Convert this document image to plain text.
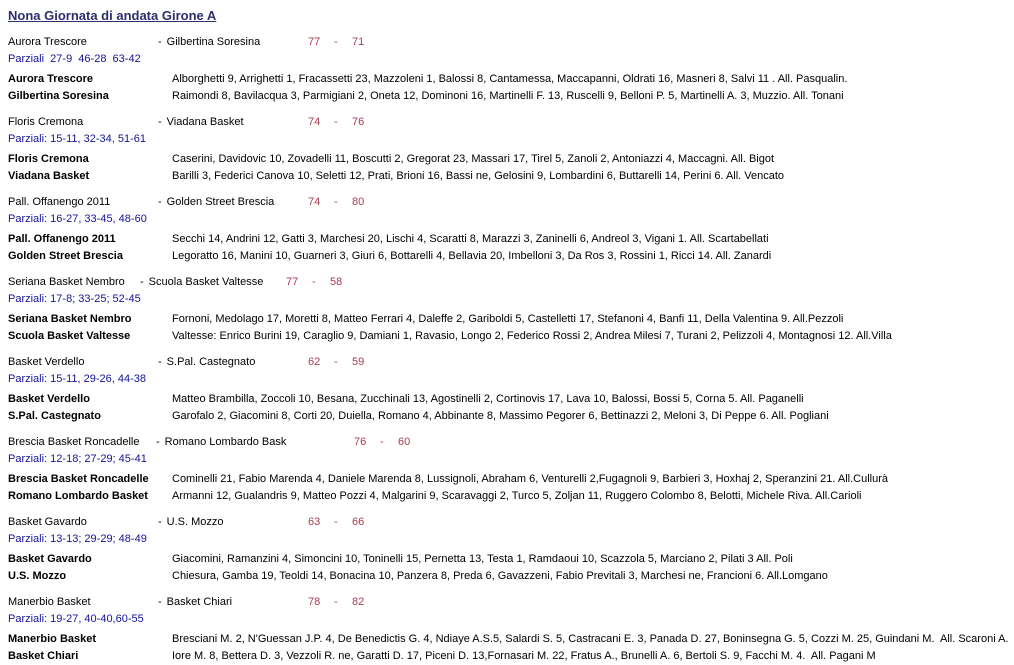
Nona Giornata di andata Girone A
Aurora Trescore	- Gilbertina Soresina	77	-	71
Parziali  27-9  46-28  63-42
Aurora Trescore	Alborghetti 9, Arrighetti 1, Fracassetti 23, Mazzoleni 1, Balossi 8, Cantamessa, Maccapanni, Oldrati 16, Masneri 8, Salvi 11 . All. Pasqualin.
Gilbertina Soresina	Raimondi 8, Bavilacqua 3, Parmigiani 2, Oneta 12, Dominoni 16, Martinelli F. 13, Ruscelli 9, Belloni P. 5, Martinelli A. 3, Muzzio. All. Tonani
Floris Cremona	- Viadana Basket	74	-	76
Parziali: 15-11, 32-34, 51-61
Floris Cremona	Caserini, Davidovic 10, Zovadelli 11, Boscutti 2, Gregorat 23, Massari 17, Tirel 5, Zanoli 2, Antoniazzi 4, Maccagni. All. Bigot
Viadana Basket	Barilli 3, Federici Canova 10, Seletti 12, Prati, Brioni 16, Bassi ne, Gelosini 9, Lombardini 6, Buttarelli 14, Perini 6. All. Vencato
Pall. Offanengo 2011	- Golden Street Brescia	74	-	80
Parziali: 16-27, 33-45, 48-60
Pall. Offanengo 2011	Secchi 14, Andrini 12, Gatti 3, Marchesi 20, Lischi 4, Scaratti 8, Marazzi 3, Zaninelli 6, Andreol 3, Vigani 1. All. Scartabellati
Golden Street Brescia	Legoratto 16, Manini 10, Guarneri 3, Giuri 6, Bottarelli 4, Bellavia 20, Imbelloni 3, Da Ros 3, Rossini 1, Ricci 14. All. Zanardi
Seriana Basket Nembro	- Scuola Basket Valtesse	77	-	58
Parziali: 17-8; 33-25; 52-45
Seriana Basket Nembro	Fornoni, Medolago 17, Moretti 8, Matteo Ferrari 4, Daleffe 2, Gariboldi 5, Castelletti 17, Stefanoni 4, Banfi 11, Della Valentina 9. All.Pezzoli
Scuola Basket Valtesse	Valtesse: Enrico Burini 19, Caraglio 9, Damiani 1, Ravasio, Longo 2, Federico Rossi 2, Andrea Milesi 7, Turani 2, Pelizzoli 4, Montagnosi 12. All.Villa
Basket Verdello	- S.Pal. Castegnato	62	-	59
Parziali: 15-11, 29-26, 44-38
Basket Verdello	Matteo Brambilla, Zoccoli 10, Besana, Zucchinali 13, Agostinelli 2, Cortinovis 17, Lava 10, Balossi, Bossi 5, Corna 5. All. Paganelli
S.Pal. Castegnato	Garofalo 2, Giacomini 8, Corti 20, Duiella, Romano 4, Abbinante 8, Massimo Pegorer 6, Bettinazzi 2, Meloni 3, Di Peppe 6. All. Pogliani
Brescia Basket Roncadelle	- Romano Lombardo Bask	76	-	60
Parziali: 12-18; 27-29; 45-41
Brescia Basket Roncadelle	Cominelli 21, Fabio Marenda 4, Daniele Marenda 8, Lussignoli, Abraham 6, Venturelli 2,Fugagnoli 9, Barbieri 3, Hoxhaj 2, Speranzini 21. All.Cullurà
Romano Lombardo Basket	Armanni 12, Gualandris 9, Matteo Pozzi 4, Malgarini 9, Scaravaggi 2, Turco 5, Zoljan 11, Ruggero Colombo 8, Belotti, Michele Riva. All.Carioli
Basket Gavardo	- U.S. Mozzo	63	-	66
Parziali: 13-13; 29-29; 48-49
Basket Gavardo	Giacomini, Ramanzini 4, Simoncini 10, Toninelli 15, Pernetta 13, Testa 1, Ramdaoui 10, Scazzola 5, Marciano 2, Pilati 3 All. Poli
U.S. Mozzo	Chiesura, Gamba 19, Teoldi 14, Bonacina 10, Panzera 8, Preda 6, Gavazzeni, Fabio Previtali 3, Marchesi ne, Francioni 6. All.Lomgano
Manerbio Basket	- Basket Chiari	78	-	82
Parziali: 19-27, 40-40,60-55
Manerbio Basket	Bresciani M. 2, N'Guessan J.P. 4, De Benedictis G. 4, Ndiaye A.S.5, Salardi S. 5, Castracani E. 3, Panada D. 27, Boninsegna G. 5, Cozzi M. 25, Guindani M.  All. Scaroni A.
Basket Chiari	Iore M. 8, Bettera D. 3, Vezzoli R. ne, Garatti D. 17, Piceni D. 13,Fornasari M. 22, Fratus A., Brunelli A. 6, Bertoli S. 9, Facchi M. 4.  All. Pagani M
